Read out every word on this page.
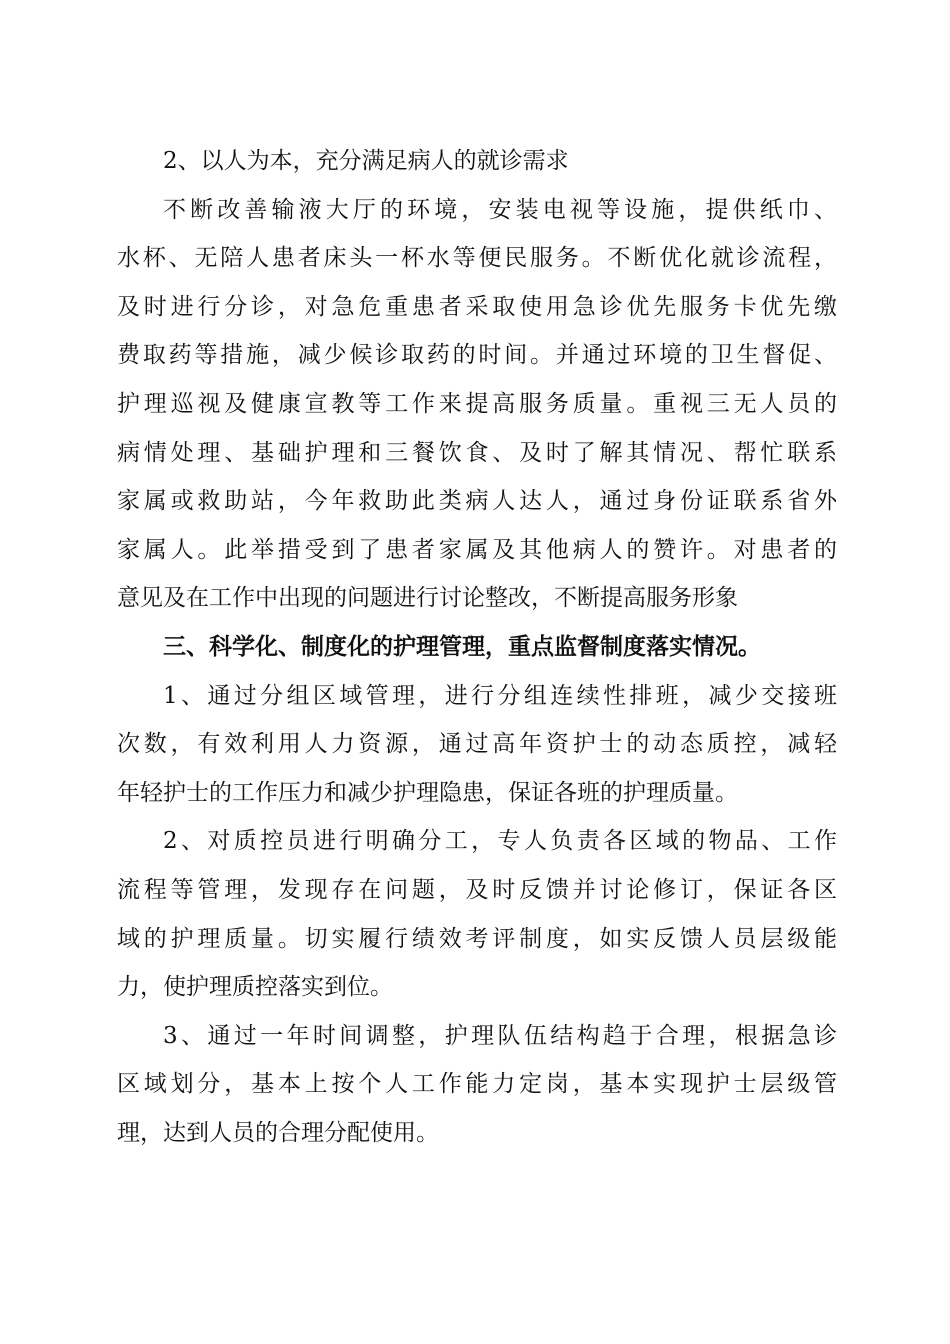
2、以人为本，充分满足病人的就诊需求
不断改善输液大厅的环境，安装电视等设施，提供纸巾、
水杯、无陪人患者床头一杯水等便民服务。不断优化就诊流程，
及时进行分诊，对急危重患者采取使用急诊优先服务卡优先缴
费取药等措施，减少候诊取药的时间。并通过环境的卫生督促、
护理巡视及健康宣教等工作来提高服务质量。重视三无人员的
病情处理、基础护理和三餐饮食、及时了解其情况、帮忙联系
家属或救助站，今年救助此类病人达人，通过身份证联系省外
家属人。此举措受到了患者家属及其他病人的赞许。对患者的
意见及在工作中出现的问题进行讨论整改，不断提高服务形象
三、科学化、制度化的护理管理，重点监督制度落实情况。
1、通过分组区域管理，进行分组连续性排班，减少交接班
次数，有效利用人力资源，通过高年资护士的动态质控，减轻
年轻护士的工作压力和减少护理隐患，保证各班的护理质量。
2、对质控员进行明确分工，专人负责各区域的物品、工作
流程等管理，发现存在问题，及时反馈并讨论修订，保证各区
域的护理质量。切实履行绩效考评制度，如实反馈人员层级能
力，使护理质控落实到位。
3、通过一年时间调整，护理队伍结构趋于合理，根据急诊
区域划分，基本上按个人工作能力定岗，基本实现护士层级管
理，达到人员的合理分配使用。
